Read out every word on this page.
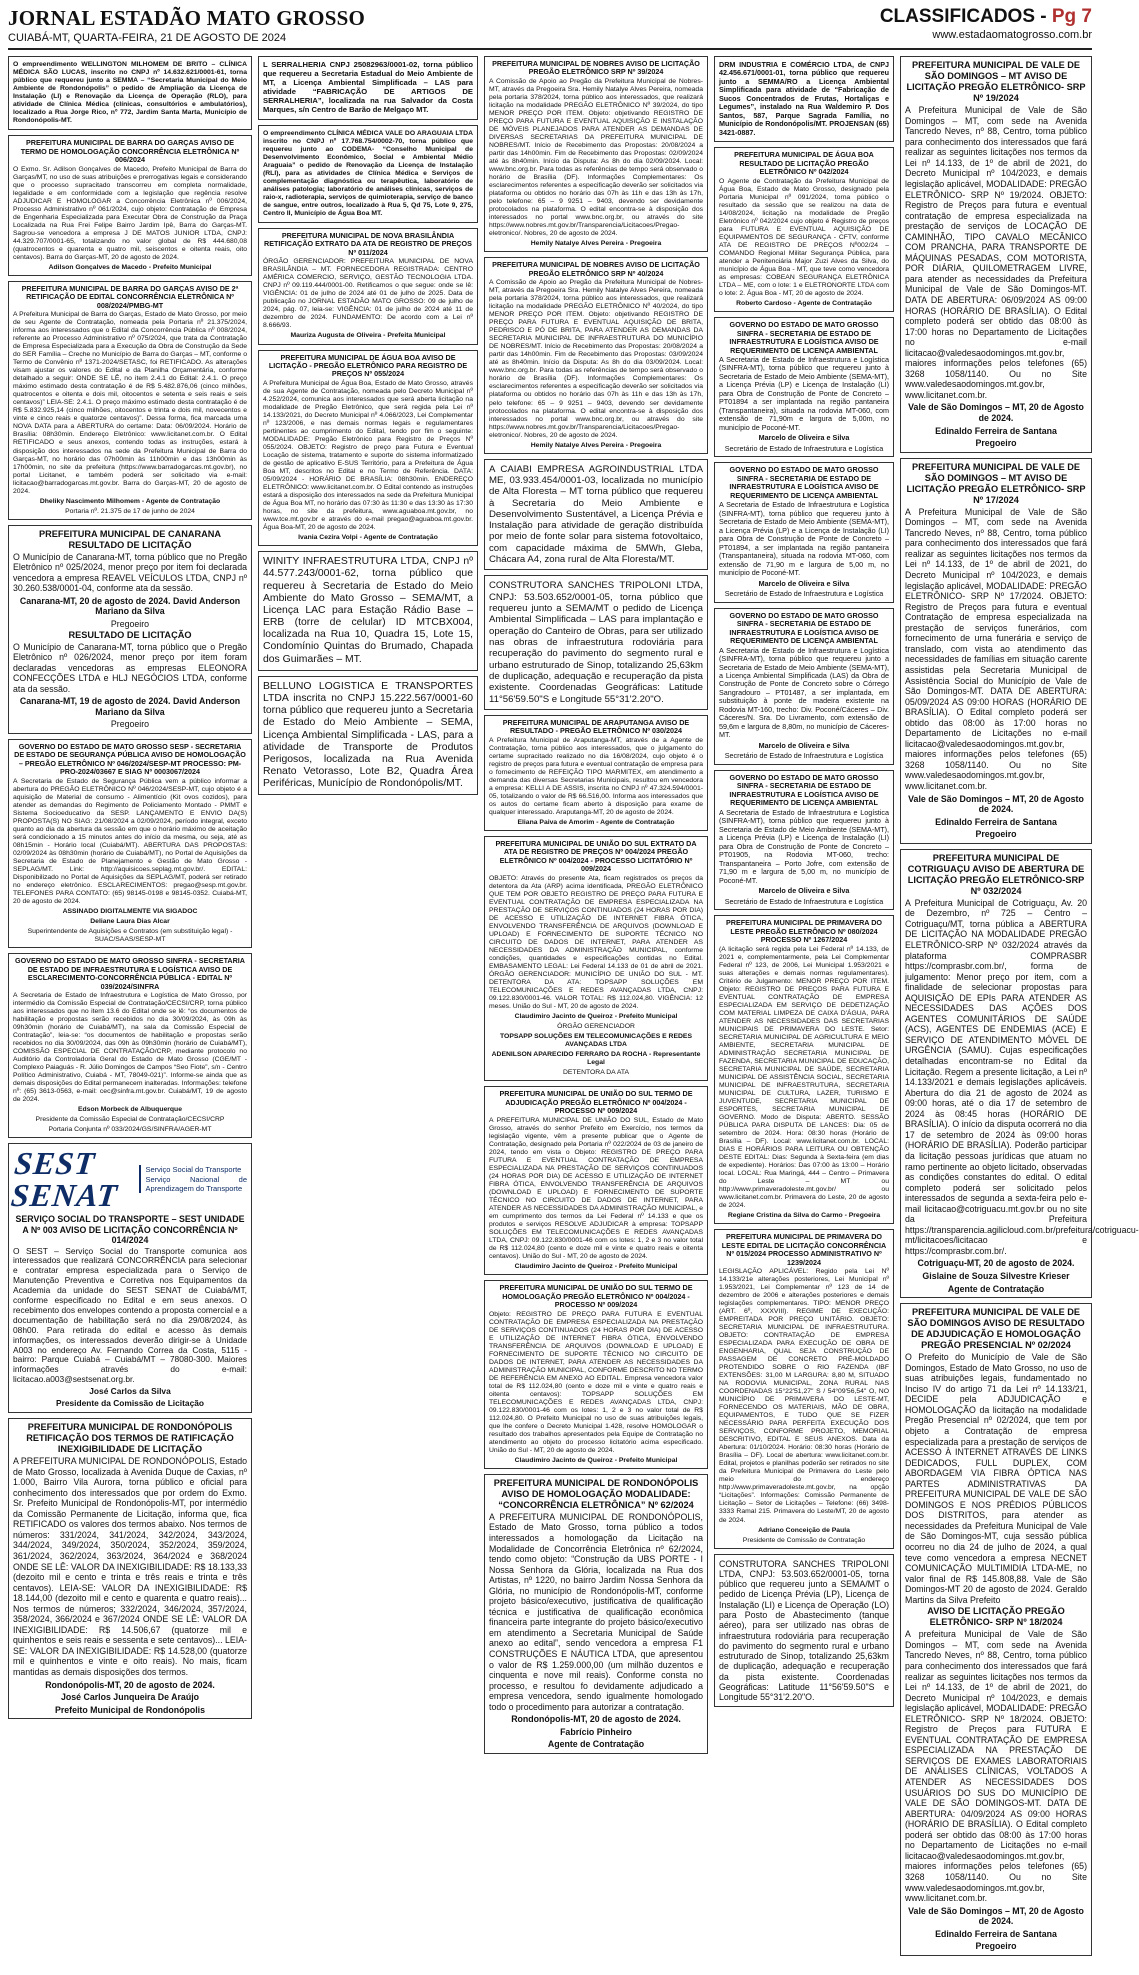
JORNAL ESTADÃO MATO GROSSO
CUIABÁ-MT, QUARTA-FEIRA, 21 DE AGOSTO DE 2024
CLASSIFICADOS - Pg 7
www.estadaomatogrosso.com.br
O empreendimento WELLINGTON MILHOMEM DE BRITO – CLÍNICA MÉDICA SÃO LUCAS, inscrito no CNPJ nº 14.632.621/0001-61, torna público que requereu junto a SEMMA – “Secretaria Municipal do Meio Ambiente de Rondonópolis” o pedido de Ampliação da Licença de Instalação (LI) e Renovação da Licença de Operação (RLO), para atividade de Clínica Médica (clínicas, consultórios e ambulatórios), localizado a Rua Jorge Rico, nº 772, Jardim Santa Marta, Município de Rondonópolis-MT.
PREFEITURA MUNICIPAL DE BARRA DO GARÇAS AVISO DE TERMO DE HOMOLOGAÇÃO CONCORRÊNCIA ELETRÔNICA Nº 006/2024
O Exmo. Sr. Adilson Gonçalves de Macedo, Prefeito Municipal de Barra do Garças/MT, no uso de suas atribuições e prerrogativas legais e considerando que o processo supracitado transcorreu em completa normalidade, legalidade e em conformidade com a legislação que regência resolve ADJUDICAR E HOMOLOGAR a Concorrência Eletrônica nº 006/2024, Processo Administrativo nº 061/2024, cujo objeto: Contratação de Empresa de Engenharia Especializada para Executar Obra de Construção da Praça Localizada na Rua Frei Felipe Bairro Jardim Ipê, Barra do Garças-MT. Sagrou-se vencedora a empresa J DE MATOS JUNIOR LTDA, CNPJ: 44.329.707/0001-65, totalizando no valor global de R$ 444.680,08 (quatrocentos e quarenta e quatro mil, seiscentos e oitenta reais, oito centavos). Barra do Garças-MT, 20 de agosto de 2024.
Adilson Gonçalves de Macedo - Prefeito Municipal
PREFEITURA MUNICIPAL DE BARRA DO GARÇAS AVISO DE 2ª RETIFICAÇÃO DE EDITAL CONCORRÊNCIA ELETRÔNICA Nº 008/2024/PMBG-MT
A Prefeitura Municipal de Barra do Garças, Estado de Mato Grosso, por meio de seu Agente de Contratação, nomeada pela Portaria nº 21.375/2024, informa aos interessados que o Edital da Concorrência Pública nº 008/2024, referente ao Processo Administrativo nº 075/2024, que trata da Contratação de Empresa Especializada para a Execução da Obra de Construção da Sede do SER Família – Creche no Município de Barra do Garças – MT, conforme o Termo de Convênio nº 1371-2024/SETASC, foi RETIFICADO. As alterações visam ajustar os valores do Edital e da Planilha Orçamentária, conforme detalhado a seguir: ONDE SE LÊ, no item 2.4.1 do Edital: 2.4.1. O preço máximo estimado desta contratação é de R$ 5.482.876,06 (cinco milhões, quatrocentos e oitenta e dois mil, oitocentos e setenta e seis reais e seis centavos)” LEIA-SE: 2.4.1. O preço máximo estimado desta contratação é de R$ 5.832.925,14 (cinco milhões, oitocentos e trinta e dois mil, novecentos e vinte e cinco reais e quatorze centavos)”. Dessa forma, fica marcada uma NOVA DATA para a ABERTURA do certame: Data: 06/09/2024. Horário de Brasília: 08h30min. Endereço Eletrônico: www.licitanet.com.br. O Edital RETIFICADO e seus anexos, contendo todas as instruções, estará à disposição dos interessados na sede da Prefeitura Municipal de Barra do Garças-MT, no horário das 07h00min às 11h00min e das 13h00min às 17h00min, no site da prefeitura (https://www.barradogarcas.mt.gov.br), no portal Licitanet, e também poderá ser solicitado via e-mail: licitacao@barradogarcas.mt.gov.br. Barra do Garças-MT, 20 de agosto de 2024.
Dheliky Nascimento Milhomem - Agente de Contratação
Portaria nº. 21.375 de 17 de junho de 2024
PREFEITURA MUNICIPAL DE CANARANA RESULTADO DE LICITAÇÃO
O Município de Canarana-MT, torna público que no Pregão Eletrônico nº 025/2024, menor preço por item foi declarada vencedora a empresa REAVEL VEÍCULOS LTDA, CNPJ nº 30.260.538/0001-04, conforme ata da sessão.
Canarana-MT, 20 de agosto de 2024. David Anderson Mariano da Silva
Pregoeiro
RESULTADO DE LICITAÇÃO
O Município de Canarana-MT, torna público que o Pregão Eletrônico nº 026/2024, menor preço por item foram declaradas vencedoras as empresas ELEONORA CONFECÇÕES LTDA e HLJ NEGÓCIOS LTDA, conforme ata da sessão.
Canarana-MT, 19 de agosto de 2024. David Anderson Mariano da Silva
Pregoeiro
GOVERNO DO ESTADO DE MATO GROSSO SESP - SECRETARIA DE ESTADO DE SEGURANÇA PÚBLICA AVISO DE HOMOLOGAÇÃO – PREGÃO ELETRÔNICO Nº 046/2024/SESP-MT PROCESSO: PM-PRO-2024/03667 E SIAG Nº 0003067/2024
A Secretaria de Estado de Segurança Pública vem a público informar a abertura do PREGÃO ELETRÔNICO Nº 046/2024/SESP-MT, cujo objeto é a aquisição de Material de consumo - Alimentício (Kit ovos cozidos), para atender as demandas do Regimento de Policiamento Montado - PMMT e Sistema Socioeducativo da SESP. LANÇAMENTO E ENVIO DA(S) PROPOSTA(S) NO SIAG: 21/08/2024 a 02/09/2024, período integral, exceto quanto ao dia da abertura da sessão em que o horário máximo de aceitação será condicionado a 15 minutos antes do início da mesma, ou seja, até as 08h15min - Horário local (Cuiabá/MT). ABERTURA DAS PROPOSTAS: 02/09/2024 às 08h30min (horário de Cuiabá/MT), no Portal de Aquisições da Secretaria de Estado de Planejamento e Gestão de Mato Grosso - SEPLAG/MT. Link: http://aquisicoes.seplag.mt.gov.br/. EDITAL: Disponibilizado no Portal de Aquisições da SEPLAG/MT, poderá ser retirado no endereço eletrônico. ESCLARECIMENTOS: pregao@sesp.mt.gov.br. TELEFONES PARA CONTATO: (65) 98145-0198 e 98145-0352. Cuiabá-MT, 20 de agosto de 2024.
ASSINADO DIGITALMENTE VIA SIGADOC
Deliane Laura Dias Alcar
Superintendente de Aquisições e Contratos (em substituição legal) - SUAC/SAAS/SESP-MT
GOVERNO DO ESTADO DE MATO GROSSO SINFRA - SECRETARIA DE ESTADO DE INFRAESTRUTURA E LOGÍSTICA AVISO DE ESCLARECIMENTO-CONCORRÊNCIA PÚBLICA - EDITAL Nº 039/2024/SINFRA
A Secretaria de Estado de Infraestrutura e Logística de Mato Grosso, por intermédio da Comissão Especial de Contratação/CECSI/CRP, torna público aos interessados que no item 13.6 do Edital onde se lê: “os documentos de habilitação e propostas serão recebidos no dia 30/09/2024, às 09h às 09h30min (horário de Cuiabá/MT), na sala da Comissão Especial de Contratação”, leia-se: “os documentos de habilitação e propostas serão recebidos no dia 30/09/2024, das 09h às 09h30min (horário de Cuiabá/MT), COMISSÃO ESPECIAL DE CONTRATAÇÃO/CRP, mediante protocolo no Auditório da Controladoria Geral do Estado de Mato Grosso (CGE/MT - Complexo Paiaguás - R. Júlio Domingos de Campos “Seo Fiote”, s/n - Centro Político Administrativo, Cuiabá - MT, 78049-021)”. Informe-se ainda que as demais disposições do Edital permanecem inalteradas. Informações: telefone nº: (65) 3613-0563, e-mail: cec@sinfra.mt.gov.br. Cuiabá/MT, 19 de agosto de 2024.
Edson Morbeck de Albuquerque
Presidente da Comissão Especial de Contratação/CECSI/CRP
Portaria Conjunta nº 033/2024/GS/SINFRA/AGER-MT
SEST SENAT
Serviço Social do Transporte
Serviço Nacional de Aprendizagem do Transporte
SERVIÇO SOCIAL DO TRANSPORTE – SEST UNIDADE A Nº 003 AVISO DE LICITAÇÃO CONCORRÊNCIA Nº 014/2024
O SEST – Serviço Social do Transporte comunica aos interessados que realizará CONCORRÊNCIA para selecionar e contratar empresa especializada para o Serviço de Manutenção Preventiva e Corretiva nos Equipamentos da Academia da unidade do SEST SENAT de Cuiabá/MT, conforme especificado no Edital e em seus anexos. O recebimento dos envelopes contendo a proposta comercial e a documentação de habilitação será no dia 29/08/2024, às 08h00. Para retirada do edital e acesso às demais informações, os interessados deverão dirigir-se à Unidade A003 no endereço Av. Fernando Correa da Costa, 5115 - bairro: Parque Cuiabá – Cuiabá/MT – 78080-300. Maiores informações através do e-mail: licitacao.a003@sestsenat.org.br.
José Carlos da Silva
Presidente da Comissão de Licitação
PREFEITURA MUNICIPAL DE RONDONÓPOLIS RETIFICAÇÃO DOS TERMOS DE RATIFICAÇÃO INEXIGIBILIDADE DE LICITAÇÃO
A PREFEITURA MUNICIPAL DE RONDONÓPOLIS, Estado de Mato Grosso, localizada à Avenida Duque de Caxias, nº 1.000, Bairro Vila Aurora, torna público e oficial para conhecimento dos interessados que por ordem do Exmo. Sr. Prefeito Municipal de Rondonópolis-MT, por intermédio da Comissão Permanente de Licitação, informa que, fica RETIFICADO os valores dos termos abaixo. Nos termos de números: 331/2024, 341/2024, 342/2024, 343/2024, 344/2024, 349/2024, 350/2024, 352/2024, 359/2024, 361/2024, 362/2024, 363/2024, 364/2024 e 368/2024 ONDE SE LÊ: VALOR DA INEXIGIBILIDADE: R$ 18.133,33 (dezoito mil e cento e trinta e três reais e trinta e três centavos). LEIA-SE: VALOR DA INEXIGIBILIDADE: R$ 18.144,00 (dezoito mil e cento e quarenta e quatro reais)... Nos termos de números; 332/2024, 346/2024, 357/2024, 358/2024, 366/2024 e 367/2024 ONDE SE LÊ: VALOR DA INEXIGIBILIDADE: R$ 14.506,67 (quatorze mil e quinhentos e seis reais e sessenta e sete centavos)... LEIA-SE: VALOR DA INEXIGIBILIDADE: R$ 14.528,00 (quatorze mil e quinhentos e vinte e oito reais). No mais, ficam mantidas as demais disposições dos termos.
Rondonópolis-MT, 20 de agosto de 2024.
José Carlos Junqueira De Araújo
Prefeito Municipal de Rondonópolis
L SERRALHERIA CNPJ 25082963/0001-02, torna público que requereu a Secretaria Estadual do Meio Ambiente de MT, a Licença Ambiental Simplificada – LAS para atividade “FABRICAÇÃO DE ARTIGOS DE SERRALHERIA”, localizada na rua Salvador da Costa Marques, s/n Centro de Barão de Melgaço MT.
O empreendimento CLÍNICA MÉDICA VALE DO ARAGUAIA LTDA inscrito no CNPJ nº 17.768.754/0002-70, torna público que requereu junto ao CODEMA- “Conselho Municipal de Desenvolvimento Econômico, Social e Ambiental Médio Araguaia” o pedido de Renovação da Licença de Instalação (RLI), para as atividades de Clínica Médica e Serviços de complementação diagnóstica ou terapêutica, laboratório de análises patologia; laboratório de análises clínicas, serviços de raio-x, radioterapia, serviços de quimioterapia, serviço de banco de sangue, entre outros, localizado à Rua 5, Qd 75, Lote 9, 275, Centro II, Município de Água Boa MT.
PREFEITURA MUNICIPAL DE NOVA BRASILÂNDIA RETIFICAÇÃO EXTRATO DA ATA DE REGISTRO DE PREÇOS Nº 011/2024
ÓRGÃO GERENCIADOR: PREFEITURA MUNICIPAL DE NOVA BRASILÂNDIA – MT. FORNECEDORA REGISTRADA: CENTRO AMÉRICA COMERCIO, SERVIÇO, GESTÃO TECNOLOGIA LTDA. CNPJ nº 09.119.444/0001-00. Retificamos o que segue: onde se lê: VIGÊNCIA: 01 de julho de 2024 até 01 de julho de 2025. Data de publicação no JORNAL ESTADÃO MATO GROSSO: 09 de julho de 2024, pág. 07, leia-se: VIGÊNCIA: 01 de julho de 2024 até 11 de dezembro de 2024. FUNDAMENTO: De acordo com a Lei nº 8.666/93.
Mauriza Augusta de Oliveira - Prefeita Municipal
PREFEITURA MUNICIPAL DE ÁGUA BOA AVISO DE LICITAÇÃO - PREGÃO ELETRÔNICO PARA REGISTRO DE PREÇOS Nº 055/2024
A Prefeitura Municipal de Água Boa, Estado de Mato Grosso, através de sua Agente de Contratação, nomeada pelo Decreto Municipal nº 4.252/2024, comunica aos interessados que será aberta licitação na modalidade de Pregão Eletrônico, que será regida pela Lei nº 14.133/2021, do Decreto Municipal nº 4.066/2023, Lei Complementar nº 123/2006, e nas demais normas legais e regulamentares pertinentes ao cumprimento do Edital, tendo por fim o seguinte: MODALIDADE: Pregão Eletrônico para Registro de Preços Nº 055/2024. OBJETO: Registro de preço para Futura e Eventual Locação de sistema, tratamento e suporte do sistema informatizado de gestão de aplicativo E-SUS Território, para a Prefeitura de Água Boa MT, descritos no Edital e no Termo de Referência. DATA: 05/09/2024 - HORÁRIO DE BRASÍLIA: 08h30min. ENDEREÇO ELETRÔNICO: www.licitanet.com.br. O Edital contendo as instruções estará a disposição dos interessados na sede da Prefeitura Municipal de Água Boa MT, no horário das 07:30 às 11:30 e das 13:30 às 17:30 horas, no site da prefeitura, www.aguaboa.mt.gov.br, no www.tce.mt.gov.br e através do e-mail pregao@aguaboa.mt.gov.br. Água Boa-MT, 20 de agosto de 2024.
Ivania Cezira Volpi - Agente de Contratação
WINITY INFRAESTRUTURA LTDA, CNPJ nº 44.577.243/0001-62, torna público que requereu à Secretaria de Estado do Meio Ambiente do Mato Grosso – SEMA/MT, a Licença LAC para Estação Rádio Base – ERB (torre de celular) ID MTCBX004, localizada na Rua 10, Quadra 15, Lote 15, Condomínio Quintas do Brumado, Chapada dos Guimarães – MT.
BELLUNO LOGISTICA E TRANSPORTES LTDA inscrita no CNPJ 15.222.567/0001-60 torna público que requereu junto a Secretaria de Estado do Meio Ambiente – SEMA, Licença Ambiental Simplificada - LAS, para a atividade de Transporte de Produtos Perigosos, localizada na Rua Avenida Renato Vetorasso, Lote B2, Quadra Área Periféricas, Município de Rondonópolis/MT.
PREFEITURA MUNICIPAL DE NOBRES AVISO DE LICITAÇÃO PREGÃO ELETRÔNICO SRP Nº 39/2024
A Comissão de Apoio ao Pregão da Prefeitura Municipal de Nobres-MT, através da Pregoeira Sra. Hemily Natalye Alves Pereira, nomeada pela portaria 378/2024, torna público aos interessados, que realizará licitação na modalidade PREGÃO ELETRÔNICO Nº 39/2024, do tipo MENOR PREÇO POR ITEM. Objeto: objetivando REGISTRO DE PREÇO PARA FUTURA E EVENTUAL AQUISIÇÃO E INSTALAÇÃO DE MÓVEIS PLANEJADOS PARA ATENDER AS DEMANDAS DE DIVERSAS SECRETARIAS DA PREFEITURA MUNICIPAL DE NOBRES/MT. Início de Recebimento das Propostas: 20/08/2024 a partir das 14h00min. Fim de Recebimento das Propostas: 02/09/2024 até às 8h40min. Início da Disputa: As 8h do dia 02/09/2024. Local: www.bnc.org.br. Para todas as referências de tempo será observado o horário de Brasília (DF). Informações Complementares: Os esclarecimentos referentes a especificação deverão ser solicitados via plataforma ou obtidos no horário das 07h às 11h e das 13h às 17h, pelo telefone: 65 – 9 9251 – 9403, devendo ser devidamente protocolados na plataforma. O edital encontra-se à disposição dos interessados no portal www.bnc.org.br, ou através do site https://www.nobres.mt.gov.br/Transparencia/Licitacoes/Pregao-eletronico/. Nobres, 20 de agosto de 2024.
Hemily Natalye Alves Pereira - Pregoeira
PREFEITURA MUNICIPAL DE NOBRES AVISO DE LICITAÇÃO PREGÃO ELETRÔNICO SRP Nº 40/2024
A Comissão de Apoio ao Pregão da Prefeitura Municipal de Nobres-MT, através da Pregoeira Sra. Hemily Natalye Alves Pereira, nomeada pela portaria 378/2024, torna público aos interessados, que realizará licitação na modalidade PREGÃO ELETRÔNICO Nº 40/2024, do tipo MENOR PREÇO POR ITEM. Objeto: objetivando REGISTRO DE PREÇO PARA FUTURA E EVENTUAL AQUISIÇÃO DE BRITA, PEDRISCO E PÓ DE BRITA, PARA ATENDER AS DEMANDAS DA SECRETARIA MUNICIPAL DE INFRAESTRUTURA DO MUNICÍPIO DE NOBRES/MT. Início de Recebimento das Propostas: 20/08/2024 a partir das 14h00min. Fim de Recebimento das Propostas: 03/09/2024 até as 8h40min. Início da Disputa: As 8h do dia 03/09/2024. Local: www.bnc.org.br. Para todas as referências de tempo será observado o horário de Brasília (DF). Informações Complementares: Os esclarecimentos referentes a especificação deverão ser solicitados via plataforma ou obtidos no horário das 07h às 11h e das 13h às 17h, pelo telefone: 65 – 9 9251 – 9403, devendo ser devidamente protocolados na plataforma. O edital encontra-se à disposição dos interessados no portal www.bnc.org.br, ou através do site https://www.nobres.mt.gov.br/Transparencia/Licitacoes/Pregao-eletronico/. Nobres, 20 de agosto de 2024.
Hemily Natalye Alves Pereira - Pregoeira
A CAIABI EMPRESA AGROINDUSTRIAL LTDA ME, 03.933.454/0001-03, localizada no município de Alta Floresta – MT torna público que requereu à Secretaria do Meio Ambiente e Desenvolvimento Sustentável, a Licença Prévia e Instalação para atividade de geração distribuída por meio de fonte solar para sistema fotovoltaico, com capacidade máxima de 5MWh, Gleba, Chácara A4, zona rural de Alta Floresta/MT.
CONSTRUTORA SANCHES TRIPOLONI LTDA, CNPJ: 53.503.652/0001-05, torna público que requereu junto a SEMA/MT o pedido de Licença Ambiental Simplificada – LAS para implantação e operação do Canteiro de Obras, para ser utilizado nas obras de infraestrutura rodoviária para recuperação do pavimento do segmento rural e urbano estruturado de Sinop, totalizando 25,63km de duplicação, adequação e recuperação da pista existente. Coordenadas Geográficas: Latitude 11°56'59.50"S e Longitude 55°31'2.20"O.
PREFEITURA MUNICIPAL DE ARAPUTANGA AVISO DE RESULTADO - PREGÃO ELETRÔNICO Nº 030/2024
A Prefeitura Municipal de Araputanga-MT, através de a Agente de Contratação, torna público aos interessados, que o julgamento do certame supracitado realizado no dia 16/08/2024, cujo objeto é o registro de preços para futura e eventual contratação de empresa para o fornecimento de REFEIÇÃO TIPO MARMITEX, em atendimento a demanda das diversas Secretarias Municipais, resultou em vencedora a empresa: KELLI A DE ASSIS, inscrita no CNPJ nº 47.324.594/0001-05, totalizando o valor de R$ 66.516,00. Informa aos interessados que os autos do certame ficam aberto à disposição para exame de qualquer interessado. Araputanga-MT, 20 de agosto de 2024.
Eliana Paiva de Amorim - Agente de Contratação
PREFEITURA MUNICIPAL DE UNIÃO DO SUL EXTRATO DA ATA DE REGISTRO DE PREÇOS Nº 004/2024 PREGÃO ELETRÔNICO Nº 004/2024 - PROCESSO LICITATÓRIO Nº 009/2024
OBJETO: Através do presente Ata, ficam registrados os preços da detentora da Ata (ARP) acima identificada, PREGÃO ELETRÔNICO QUE TEM POR OBJETO REGISTRO DE PREÇO PARA FUTURA E EVENTUAL CONTRATAÇÃO DE EMPRESA ESPECIALIZADA NA PRESTAÇÃO DE SERVIÇOS CONTINUADOS (24 HORAS POR DIA) DE ACESSO E UTILIZAÇÃO DE INTERNET FIBRA ÓTICA, ENVOLVENDO TRANSFERÊNCIA DE ARQUIVOS (DOWNLOAD E UPLOAD) E FORNECIMENTO DE SUPORTE TÉCNICO NO CIRCUITO DE DADOS DE INTERNET, PARA ATENDER AS NECESSIDADES DA ADMINISTRAÇÃO MUNICIPAL, conforme condições, quantidades e especificações contidas no Edital. EMBASAMENTO LEGAL: Lei Federal 14.133 de 01 de abril de 2021. ÓRGÃO GERENCIADOR: MUNICÍPIO DE UNIÃO DO SUL - MT. DETENTORA DA ATA: TOPSAPP SOLUÇÕES EM TELECOMUNICAÇÕES E REDES AVANÇADAS LTDA, CNPJ: 09.122.830/0001-46. VALOR TOTAL: R$ 112.024,80. VIGÊNCIA: 12 meses. União do Sul - MT, 20 de agosto de 2024.
Claudimiro Jacinto de Queiroz - Prefeito Municipal
ÓRGÃO GERENCIADOR
TOPSAPP SOLUÇÕES EM TELECOMUNICAÇÕES E REDES AVANÇADAS LTDA
ADENILSON APARECIDO FERRARO DA ROCHA - Representante Legal
DETENTORA DA ATA
PREFEITURA MUNICIPAL DE UNIÃO DO SUL TERMO DE ADJUDICAÇÃO PREGÃO ELETRÔNICO Nº 004/2024 - PROCESSO Nº 009/2024
A PREFEITURA MUNICIPAL DE UNIÃO DO SUL, Estado de Mato Grosso, através do senhor Prefeito em Exercício, nos termos da legislação vigente, vêm a presente publicar que o Agente de Contratação, designado pela Portaria nº 022/2024 de 03 de janeiro de 2024, tendo em vista o Objeto: REGISTRO DE PREÇO PARA FUTURA E EVENTUAL CONTRATAÇÃO DE EMPRESA ESPECIALIZADA NA PRESTAÇÃO DE SERVIÇOS CONTINUADOS (24 HORAS POR DIA) DE ACESSO E UTILIZAÇÃO DE INTERNET FIBRA ÓTICA, ENVOLVENDO TRANSFERÊNCIA DE ARQUIVOS (DOWNLOAD E UPLOAD) E FORNECIMENTO DE SUPORTE TÉCNICO NO CIRCUITO DE DADOS DE INTERNET, PARA ATENDER AS NECESSIDADES DA ADMINISTRAÇÃO MUNICIPAL, e em cumprimento dos termos da Lei Federal nº 14.133 e que os produtos e serviços RESOLVE ADJUDICAR à empresa: TOPSAPP SOLUÇÕES EM TELECOMUNICAÇÕES E REDES AVANÇADAS LTDA, CNPJ: 09.122.830/0001-46 com os lotes: 1, 2 e 3 no valor total de R$ 112.024,80 (cento e doze mil e vinte e quatro reais e oitenta centavos). União do Sul - MT, 20 de agosto de 2024.
Claudimiro Jacinto de Queiroz - Prefeito Municipal
PREFEITURA MUNICIPAL DE UNIÃO DO SUL TERMO DE HOMOLOGAÇÃO PREGÃO ELETRÔNICO Nº 004/2024 - PROCESSO Nº 009/2024
Objeto: REGISTRO DE PREÇO PARA FUTURA E EVENTUAL CONTRATAÇÃO DE EMPRESA ESPECIALIZADA NA PRESTAÇÃO DE SERVIÇOS CONTINUADOS (24 HORAS POR DIA) DE ACESSO E UTILIZAÇÃO DE INTERNET FIBRA ÓTICA, ENVOLVENDO TRANSFERÊNCIA DE ARQUIVOS (DOWNLOAD E UPLOAD) E FORNECIMENTO DE SUPORTE TÉCNICO NO CIRCUITO DE DADOS DE INTERNET, PARA ATENDER AS NECESSIDADES DA ADMINISTRAÇÃO MUNICIPAL, CONFORME DESCRITO NO TERMO DE REFERÊNCIA EM ANEXO AO EDITAL. Empresa vencedora valor total de R$ 112.024,80 (cento e doze mil e vinte e quatro reais e oitenta centavos): TOPSAPP SOLUÇÕES EM TELECOMUNICAÇÕES E REDES AVANÇADAS LTDA, CNPJ: 09.122.830/0001-46 com os lotes: 1, 2 e 3 no valor total de R$ 112.024,80. O Prefeito Municipal no uso de suas atribuições legais, que lhe confere o Decreto Municipal 1.428, resolve HOMOLOGAR o resultado dos trabalhos apresentados pela Equipe de Contratação no atendimento ao objeto do processo licitatório acima especificado. União do Sul - MT, 20 de agosto de 2024.
Claudimiro Jacinto de Queiroz - Prefeito Municipal
PREFEITURA MUNICIPAL DE RONDONÓPOLIS AVISO DE HOMOLOGAÇÃO MODALIDADE: “CONCORRÊNCIA ELETRÔNICA” Nº 62/2024
A PREFEITURA MUNICIPAL DE RONDONÓPOLIS, Estado de Mato Grosso, torna público a todos interessados a homologação da Licitação na Modalidade de Concorrência Eletrônica nº 62/2024, tendo como objeto: “Construção da UBS PORTE - I Nossa Senhora da Glória, localizada na Rua dos Artistas, nº 1220, no bairro Jardim Nossa Senhora da Glória, no município de Rondonópolis-MT, conforme projeto básico/executivo, justificativa de qualificação técnica e justificativa de qualificação econômica financeira parte integrante do projeto básico/executivo em atendimento a Secretaria Municipal de Saúde anexo ao edital”, sendo vencedora a empresa F1 CONSTRUÇÕES E NÁUTICA LTDA, que apresentou o valor de R$ 1.259.000,00 (um milhão duzentos e cinquenta e nove mil reais). Conforme consta no processo, e resultou fo devidamente adjudicado a empresa vencedora, sendo igualmente homologado todo o procedimento para autorizar a contratação.
Rondonópolis-MT, 20 de agosto de 2024.
Fabrício Pinheiro
Agente de Contratação
DRM INDUSTRIA E COMÉRCIO LTDA, de CNPJ 42.456.671/0001-01, torna público que requereu junto a SEMMA/RO a Licença Ambiental Simplificada para atividade de “Fabricação de Sucos Concentrados de Frutas, Hortaliças e Legumes”, instalado na Rua Waldemiro P. Dos Santos, 587, Parque Sagrada Família, no Município de Rondonópolis/MT. PROJENSAN (65) 3421-0887.
PREFEITURA MUNICIPAL DE ÁGUA BOA RESULTADO DE LICITAÇÃO PREGÃO ELETRÔNICO Nº 042/2024
O Agente de Contratação da Prefeitura Municipal de Água Boa, Estado de Mato Grosso, designado pela Portaria Municipal nº 091/2024, torna público o resultado da sessão que se realizou na data de 14/08/2024, licitação na modalidade de Pregão Eletrônico nº 042/2024 cujo objeto é Registro de preços para FUTURA E EVENTUAL AQUISIÇÃO DE EQUIPAMENTOS DE SEGURANÇA - CFTV, conforme ATA DE REGISTRO DE PREÇOS Nº002/24 – COMANDO Regional Militar Segurança Pública, para atender a Penitenciária Major Zuzi Alves da Silva, do município de Água Boa - MT, que teve como vencedora as empresas: COBEAN SEGURANÇA ELETRÔNICA LTDA – ME, com o lote: 1 e ELETRONORTE LTDA com o lote: 2. Água Boa - MT, 20 de agosto de 2024.
Roberto Cardoso - Agente de Contratação
GOVERNO DO ESTADO DE MATO GROSSO SINFRA - SECRETARIA DE ESTADO DE INFRAESTRUTURA E LOGÍSTICA AVISO DE REQUERIMENTO DE LICENÇA AMBIENTAL
A Secretaria de Estado de Infraestrutura e Logística (SINFRA-MT), torna público que requereu junto à Secretaria de Estado de Meio Ambiente (SEMA-MT), a Licença Prévia (LP) e Licença de Instalação (LI) para Obra de Construção de Ponte de Concreto – PT01894 a ser implantada na região pantaneira (Transpantaneira), situada na rodovia MT-060, com extensão de 71,90m e largura de 5,00m, no município de Poconé-MT.
Marcelo de Oliveira e Silva
Secretário de Estado de Infraestrutura e Logística
GOVERNO DO ESTADO DE MATO GROSSO SINFRA - SECRETARIA DE ESTADO DE INFRAESTRUTURA E LOGÍSTICA AVISO DE REQUERIMENTO DE LICENÇA AMBIENTAL
A Secretaria de Estado de Infraestrutura e Logística (SINFRA-MT), torna público que requereu junto à Secretaria de Estado de Meio Ambiente (SEMA-MT), a Licença Prévia (LP) e a Licença de Instalação (LI) para Obra de Construção de Ponte de Concreto – PT01894, a ser implantada na região pantaneira (Transpantaneira), situada na rodovia MT-060, com extensão de 71,90 m e largura de 5,00 m, no município de Poconé-MT.
Marcelo de Oliveira e Silva
Secretário de Estado de Infraestrutura e Logística
GOVERNO DO ESTADO DE MATO GROSSO SINFRA - SECRETARIA DE ESTADO DE INFRAESTRUTURA E LOGÍSTICA AVISO DE REQUERIMENTO DE LICENÇA AMBIENTAL
A Secretaria de Estado de Infraestrutura e Logística (SINFRA-MT), torna público que requereu junto a Secretaria de Estado de Meio Ambiente (SEMA-MT), a Licença Ambiental Simplificada (LAS) da Obra de Construção de Ponte de Concreto sobre o Córrego Sangradouro – PT01487, a ser implantada, em substituição à ponte de madeira existente na Rodovia MT-160, trecho: Div. Poconé/Cáceres – Div. Cáceres/N. Sra. Do Livramento, com extensão de 59,6m e largura de 8,80m, no município de Cáceres-MT.
Marcelo de Oliveira e Silva
Secretário de Estado de Infraestrutura e Logística
GOVERNO DO ESTADO DE MATO GROSSO SINFRA - SECRETARIA DE ESTADO DE INFRAESTRUTURA E LOGÍSTICA AVISO DE REQUERIMENTO DE LICENÇA AMBIENTAL
A Secretaria de Estado de Infraestrutura e Logística (SINFRA-MT), torna público que requereu junto à Secretaria de Estado de Meio Ambiente (SEMA-MT), a Licença Prévia (LP) e Licença de Instalação (LI) para Obra de Construção de Ponte de Concreto – PT01905, na Rodovia MT-060, trecho: Transpantaneira – Porto Jofre, com extensão de 71,90 m e largura de 5,00 m, no município de Poconé-MT.
Marcelo de Oliveira e Silva
Secretário de Estado de Infraestrutura e Logística
PREFEITURA MUNICIPAL DE PRIMAVERA DO LESTE PREGÃO ELETRÔNICO Nº 080/2024 PROCESSO Nº 1267/2024
(A licitação será regida pela Lei Federal nº 14.133, de 2021 e, complementarmente, pela Lei Complementar Federal nº 123, de 2006, Lei Municipal 1.953/2021 e suas alterações e demais normas regulamentares). Critério de Julgamento: MENOR PREÇO POR ITEM. Objeto: REGISTRO DE PREÇOS PARA FUTURA E EVENTUAL CONTRATAÇÃO DE EMPRESA ESPECIALIZADA EM SERVIÇO DE DEDETIZAÇÃO COM MATERIAL LIMPEZA DE CAIXA D'ÁGUA, PARA ATENDER AS NECESSIDADES DAS SECRETARIAS MUNICIPAIS DE PRIMAVERA DO LESTE. Setor: SECRETARIA MUNICIPAL DE AGRICULTURA E MEIO AMBIENTE, SECRETARIA MUNICIPAL DE ADMINISTRAÇÃO SECRETARIA MUNICIPAL DE FAZENDA, SECRETARIA MUNICIPAL DE EDUCAÇÃO, SECRETARIA MUNICIPAL DE SAÚDE, SECRETARIA MUNICIPAL DE ASSISTÊNCIA SOCIAL, SECRETARIA MUNICIPAL DE INFRAESTRUTURA, SECRETARIA MUNICIPAL DE CULTURA, LAZER, TURISMO E JUVENTUDE, SECRETARIA MUNICIPAL DE ESPORTES, SECRETARIA MUNICIPAL DE GOVERNO. Modo de Disputa: ABERTO. SESSÃO PÚBLICA PARA DISPUTA DE LANCES: Dia: 05 de setembro de 2024. Hora: 08:30 horas (Horário de Brasília – DF). Local: www.licitanet.com.br. LOCAL: DIAS E HORÁRIOS PARA LEITURA OU OBTENÇÃO DESTE EDITAL: Dias: Segunda à Sexta-feira (em dias de expediente). Horários: Das 07:00 às 13:00 – Horário local. LOCAL: Rua Maringá, 444 – Centro – Primavera do Leste – MT ou http://www.primaveradoleste.mt.gov.br/ ou www.licitanet.com.br. Primavera do Leste, 20 de agosto de 2024.
Regiane Cristina da Silva do Carmo - Pregoeira
PREFEITURA MUNICIPAL DE PRIMAVERA DO LESTE EDITAL DE LICITAÇÃO CONCORRÊNCIA Nº 015/2024 PROCESSO ADMINISTRATIVO Nº 1239/2024
LEGISLAÇÃO APLICÁVEL: Regido pela Lei Nº 14.133/21e alterações posteriores, Lei Municipal nº 1.953/2021, Lei Complementar nº 123 de 14 de dezembro de 2006 e alterações posteriores e demais legislações complementares. TIPO: MENOR PREÇO (ART. 6º, XXXVIII). REGIME DE EXECUÇÃO: EMPREITADA POR PREÇO UNITÁRIO. OBJETO: SECRETARIA MUNICIPAL DE INFRAESTRUTURA. OBJETO: CONTRATAÇÃO DE EMPRESA ESPECIALIZADA PARA EXECUÇÃO DE OBRA DE ENGENHARIA, QUAL SEJA CONSTRUÇÃO DE PASSAGEM DE CONCRETO PRÉ-MOLDADO PROTENDIDO SOBRE O RIO FAZENDA (IBF EXTENSÕES: 31,00 M LARGURA: 8,80 M, SITUADO NA RODOVIA MUNICIPAL, ZONA RURAL NAS COORDENADAS 15°22'51,27" S / 54°09'56,54" O, NO MUNICÍPIO DE PRIMAVERA DO LESTE-MT, FORNECENDO OS MATERIAIS, MÃO DE OBRA, EQUIPAMENTOS, E TUDO QUE SE FIZER NECESSÁRIO PARA PERFEITA EXECUÇÃO DOS SERVIÇOS, CONFORME PROJETO, MEMORIAL DESCRITIVO, EDITAL E SEUS ANEXOS. Data da Abertura: 01/10/2024. Horário: 08:30 horas (Horário de Brasília – DF). Local de abertura: www.licitanet.com.br. Edital, projetos e planilhas poderão ser retirados no site da Prefeitura Municipal de Primavera do Leste pelo meio do endereço http://www.primaveradoleste.mt.gov.br, na opção “Licitações”. Informações: Comissão Permanente de Licitação – Setor de Licitações – Telefone: (66) 3498-3333 Ramal 215. Primavera do Leste/MT, 20 de agosto de 2024.
Adriano Conceição de Paula
Presidente de Comissão de Contratação
CONSTRUTORA SANCHES TRIPOLONI LTDA, CNPJ: 53.503.652/0001-05, torna público que requereu junto a SEMA/MT o pedido de Licença Prévia (LP), Licença de Instalação (LI) e Licença de Operação (LO) para Posto de Abastecimento (tanque aéreo), para ser utilizado nas obras de infraestrutura rodoviária para recuperação do pavimento do segmento rural e urbano estruturado de Sinop, totalizando 25,63km de duplicação, adequação e recuperação da pista existente. Coordenadas Geográficas: Latitude 11°56'59.50"S e Longitude 55°31'2.20"O.
PREFEITURA MUNICIPAL DE VALE DE SÃO DOMINGOS – MT AVISO DE LICITAÇÃO PREGÃO ELETRÔNICO- SRP Nº 19/2024
A Prefeitura Municipal de Vale de São Domingos – MT, com sede na Avenida Tancredo Neves, nº 88, Centro, torna público para conhecimento dos interessados que fará realizar as seguintes licitações nos termos da Lei nº 14.133, de 1º de abril de 2021, do Decreto Municipal nº 104/2023, e demais legislação aplicável, MODALIDADE: PREGÃO ELETRÔNICO- SRP Nº 19/2024. OBJETO: Registro de Preços para futura e eventual contratação de empresa especializada na prestação de serviços de LOCAÇÃO DE CAMINHÃO, TIPO CAVALO MECÂNICO COM PRANCHA, PARA TRANSPORTE DE MÁQUINAS PESADAS, COM MOTORISTA, POR DIÁRIA, QUILOMETRAGEM LIVRE, para atender as necessidades da Prefeitura Municipal de Vale de São Domingos-MT. DATA DE ABERTURA: 06/09/2024 AS 09:00 HORAS (HORÁRIO DE BRASÍLIA). O Edital completo poderá ser obtido das 08:00 às 17:00 horas no Departamento de Licitações no e-mail licitacao@valedesaodomingos.mt.gov.br, maiores informações pelos telefones (65) 3268 1058/1140. Ou no Site www.valedesaodomingos.mt.gov.br, www.licitanet.com.br.
Vale de São Domingos – MT, 20 de Agosto de 2024.
Edinaldo Ferreira de Santana
Pregoeiro
PREFEITURA MUNICIPAL DE VALE DE SÃO DOMINGOS – MT AVISO DE LICITAÇÃO PREGÃO ELETRÔNICO- SRP Nº 17/2024
A Prefeitura Municipal de Vale de São Domingos – MT, com sede na Avenida Tancredo Neves, nº 88, Centro, torna público para conhecimento dos interessados que fará realizar as seguintes licitações nos termos da Lei nº 14.133, de 1º de abril de 2021, do Decreto Municipal nº 104/2023, e demais legislação aplicável, MODALIDADE: PREGÃO ELETRÔNICO- SRP Nº 17/2024. OBJETO: Registro de Preços para futura e eventual Contratação de empresa especializada na prestação de serviços funerários, com fornecimento de urna funerária e serviço de translado, com vista ao atendimento das necessidades de famílias em situação carente assistidas pela Secretaria Municipal de Assistência Social do Município de Vale de São Domingos-MT. DATA DE ABERTURA: 05/09/2024 AS 09:00 HORAS (HORÁRIO DE BRASÍLIA). O Edital completo poderá ser obtido das 08:00 às 17:00 horas no Departamento de Licitações no e-mail licitacao@valedesaodomingos.mt.gov.br, maiores informações pelos telefones (65) 3268 1058/1140. Ou no Site www.valedesaodomingos.mt.gov.br, www.licitanet.com.br.
Vale de São Domingos – MT, 20 de Agosto de 2024.
Edinaldo Ferreira de Santana
Pregoeiro
PREFEITURA MUNICIPAL DE COTRIGUAÇU AVISO DE ABERTURA DE LICITAÇÃO PREGÃO ELETRÔNICO-SRP Nº 032/2024
A Prefeitura Municipal de Cotriguaçu, Av. 20 de Dezembro, nº 725 – Centro – Cotriguaçu/MT, torna pública a ABERTURA DE LICITAÇÃO NA MODALIDADE PREGÃO ELETRÔNICO-SRP Nº 032/2024 através da plataforma COMPRASBR https://comprasbr.com.br/, forma de julgamento: Menor preço por item, com a finalidade de selecionar propostas para AQUISIÇÃO DE EPIs PARA ATENDER AS NECESSIDADES DAS AÇÕES DOS AGENTES COMUNITÁRIOS DE SAÚDE (ACS), AGENTES DE ENDEMIAS (ACE) E SERVIÇO DE ATENDIMENTO MÓVEL DE URGÊNCIA (SAMU). Cujas especificações detalhadas encontram-se no Edital da Licitação. Regem a presente licitação, a Lei nº 14.133/2021 e demais legislações aplicáveis. Abertura do dia 21 de agosto de 2024 as 09:00 horas, até o dia 17 de setembro de 2024 às 08:45 horas (HORÁRIO DE BRASÍLIA). O início da disputa ocorrerá no dia 17 de setembro de 2024 às 09:00 horas (HORÁRIO DE BRASÍLIA). Poderão participar da licitação pessoas jurídicas que atuam no ramo pertinente ao objeto licitado, observadas as condições constantes do edital. O edital completo poderá ser solicitado pelos interessados de segunda a sexta-feira pelo e-mail licitacao@cotriguacu.mt.gov.br ou no site da Prefeitura https://transparencia.agilicloud.com.br/prefeitura/cotriguacu-mt/licitacoes/licitacao e https://comprasbr.com.br/.
Cotriguaçu-MT, 20 de agosto de 2024.
Gislaine de Souza Silvestre Krieser
Agente de Contratação
PREFEITURA MUNICIPAL DE VALE DE SÃO DOMINGOS AVISO DE RESULTADO DE ADJUDICAÇÃO E HOMOLOGAÇÃO PREGÃO PRESENCIAL Nº 02/2024
O Prefeito do Município de Vale de São Domingos, Estado de Mato Grosso, no uso de suas atribuições legais, fundamentado no Inciso IV do artigo 71 da Lei nº 14.133/21, DECIDE pela ADJUDICAÇÃO e HOMOLOGAÇÃO da licitação na modalidade Pregão Presencial nº 02/2024, que tem por objeto a Contratação de empresa especializada para a prestação de serviços de ACESSO À INTERNET ATRAVÉS DE LINKS DEDICADOS, FULL DUPLEX, COM ABORDAGEM VIA FIBRA ÓPTICA NAS PARTES ADMINISTRATIVAS DA PREFEITURA MUNICIPAL DE VALE DE SÃO DOMINGOS E NOS PRÉDIOS PÚBLICOS DOS DISTRITOS, para atender as necessidades da Prefeitura Municipal de Vale de São Domingos-MT, cuja sessão pública ocorreu no dia 24 de julho de 2024, a qual teve como vencedora a empresa NECNET COMUNICAÇÃO MULTIMIDIA LTDA-ME, no valor final de R$ 145.808,88. Vale de São Domingos-MT 20 de agosto de 2024. Geraldo Martins da Silva Prefeito
AVISO DE LICITAÇÃO PREGÃO ELETRÔNICO- SRP Nº 18/2024
A prefeitura Municipal de Vale de São Domingos – MT, com sede na Avenida Tancredo Neves, nº 88, Centro, torna público para conhecimento dos interessados que fará realizar as seguintes licitações nos termos da Lei nº 14.133, de 1º de abril de 2021, do Decreto Municipal nº 104/2023, e demais legislação aplicável, MODALIDADE: PREGÃO ELETRÔNICO- SRP Nº 18/2024. OBJETO: Registro de Preços para FUTURA E EVENTUAL CONTRATAÇÃO DE EMPRESA ESPECIALIZADA NA PRESTAÇÃO DE SERVIÇOS DE EXAMES LABORATORIAIS DE ANÁLISES CLÍNICAS, VOLTADOS A ATENDER AS NECESSIDADES DOS USUÁRIOS DO SUS DO MUNICÍPIO DE VALE DE SÃO DOMINGOS-MT. DATA DE ABERTURA: 04/09/2024 AS 09:00 HORAS (HORÁRIO DE BRASÍLIA). O Edital completo poderá ser obtido das 08:00 às 17:00 horas no Departamento de Licitações no e-mail licitacao@valedesaodomingos.mt.gov.br, maiores informações pelos telefones (65) 3268 1058/1140. Ou no Site www.valedesaodomingos.mt.gov.br, www.licitanet.com.br.
Vale de São Domingos – MT, 20 de Agosto de 2024.
Edinaldo Ferreira de Santana
Pregoeiro
